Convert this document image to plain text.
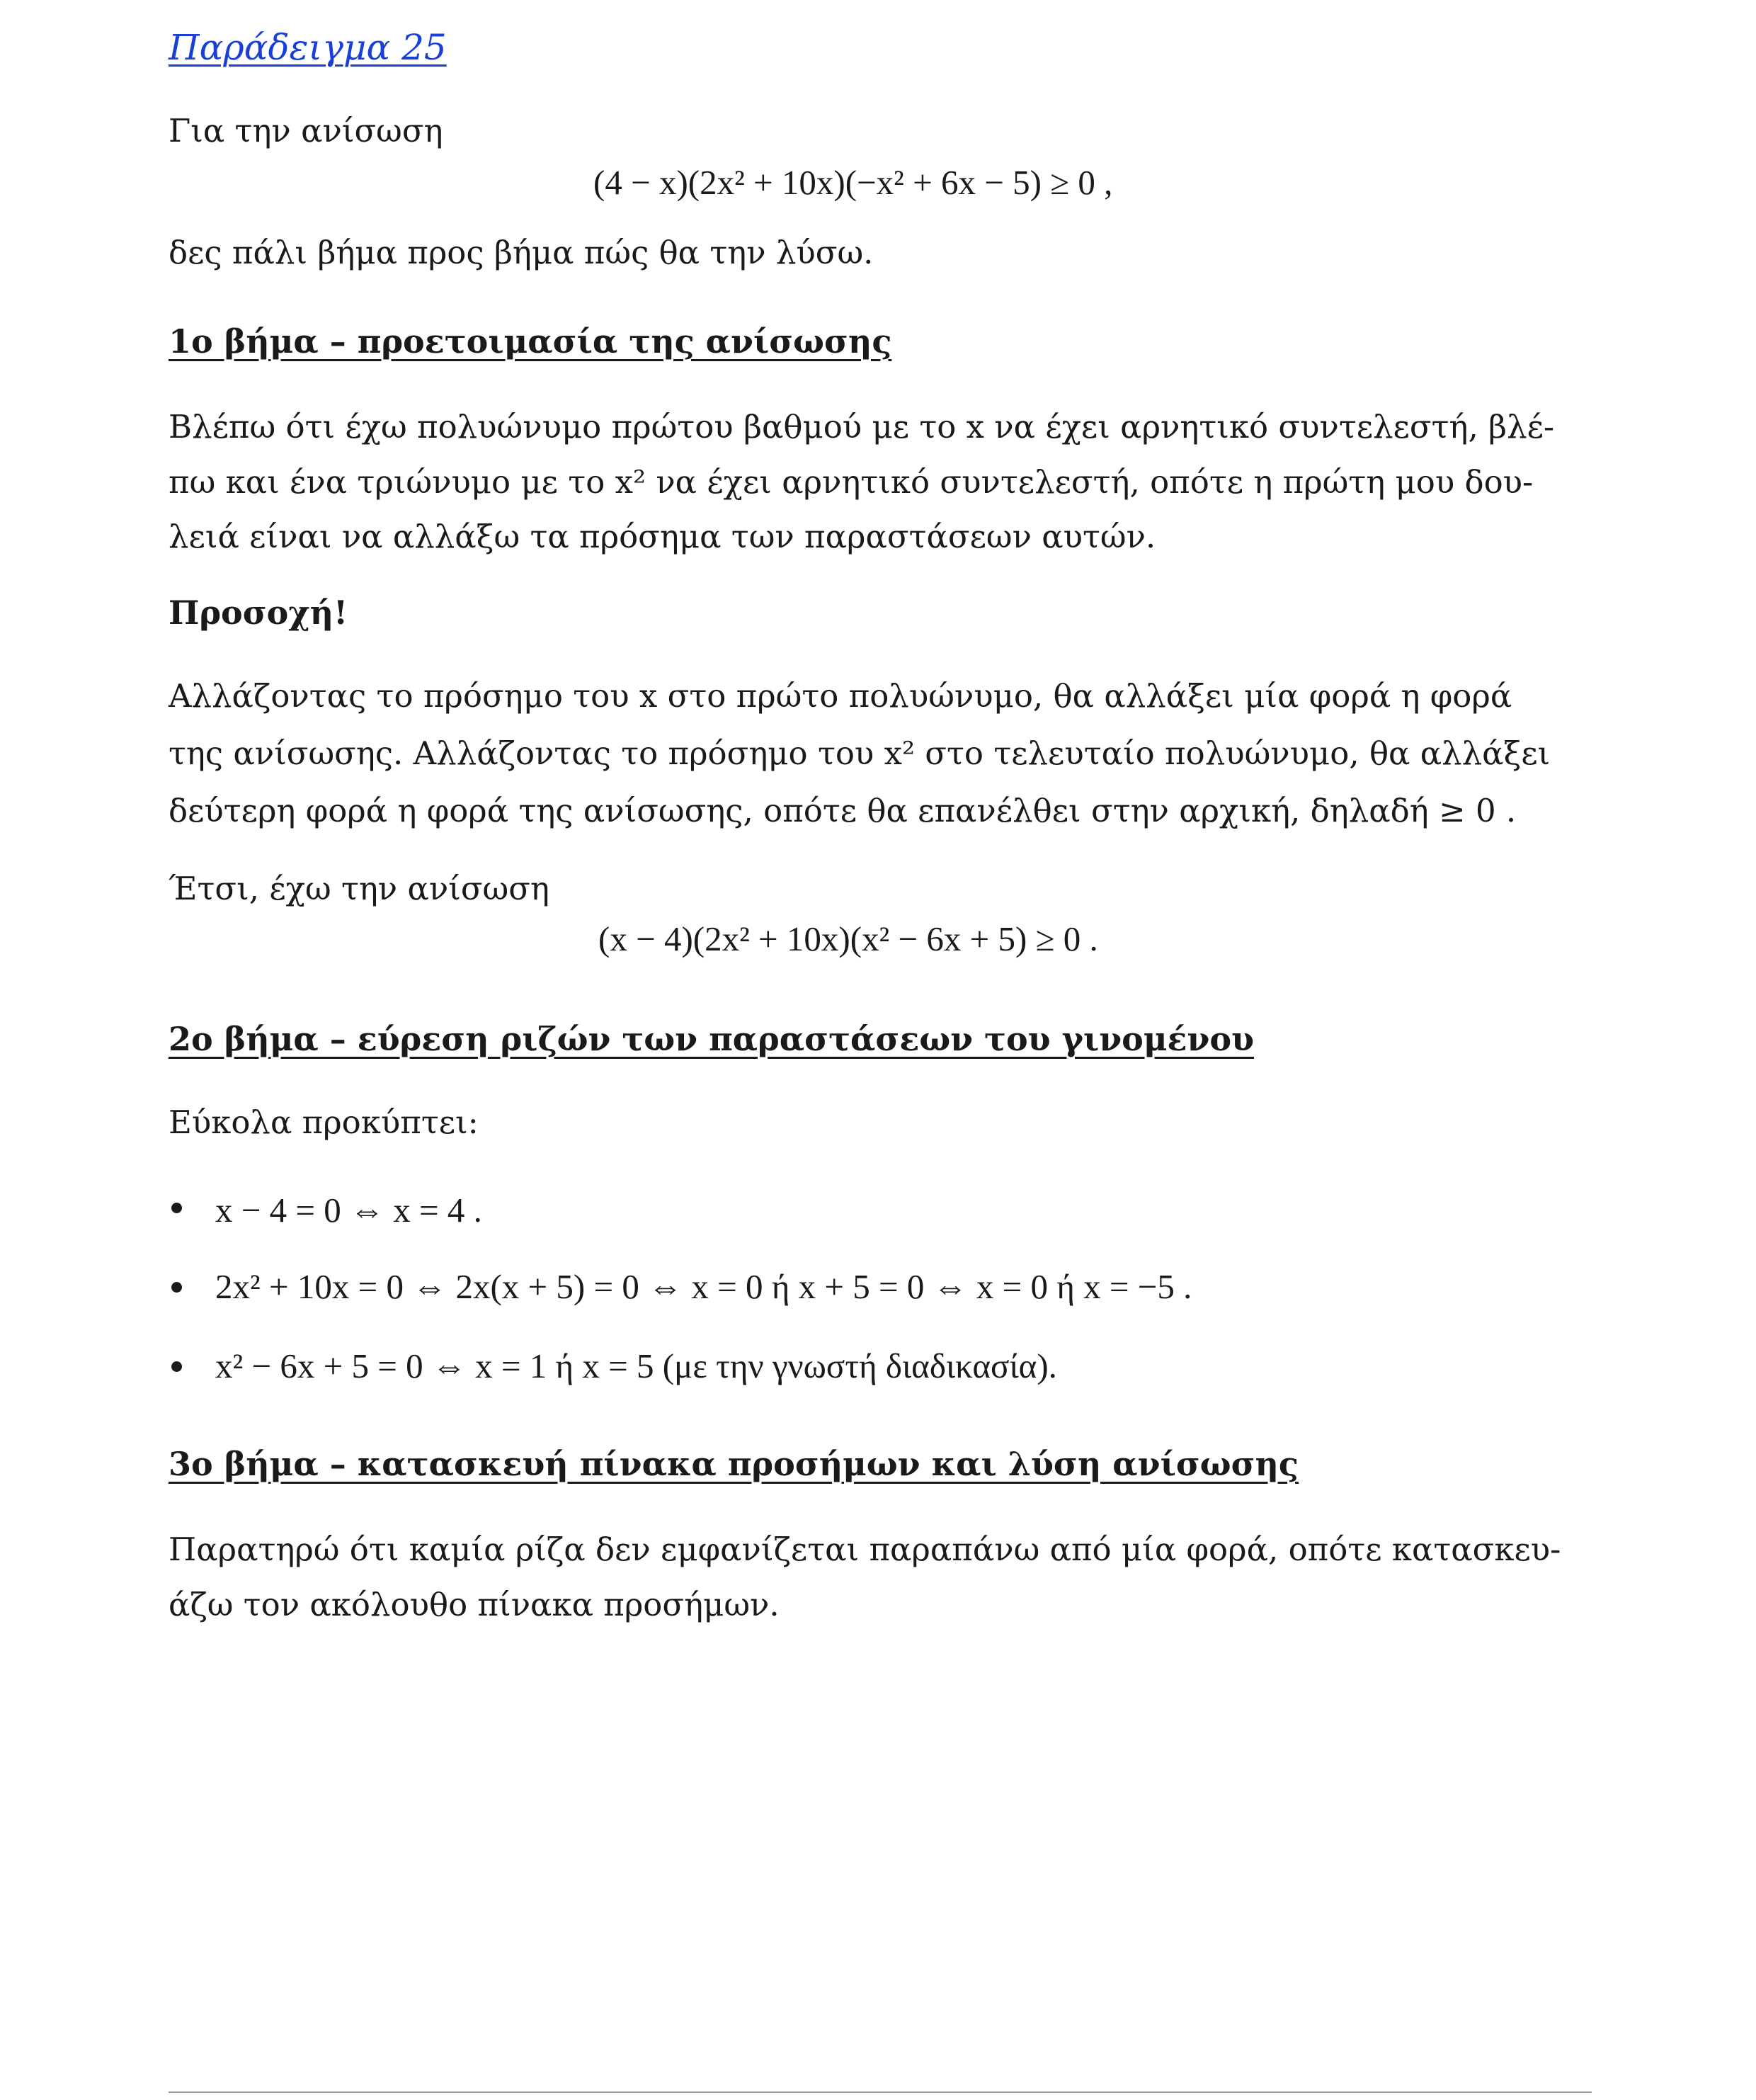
Παράδειγμα 25
Για την ανίσωση
(4 − x)(2x² + 10x)(−x² + 6x − 5) ≥ 0 ,
δες πάλι βήμα προς βήμα πώς θα την λύσω.
1ο βήμα – προετοιμασία της ανίσωσης
Βλέπω ότι έχω πολυώνυμο πρώτου βαθμού με το x να έχει αρνητικό συντελεστή, βλέ-
πω και ένα τριώνυμο με το x² να έχει αρνητικό συντελεστή, οπότε η πρώτη μου δου-
λειά είναι να αλλάξω τα πρόσημα των παραστάσεων αυτών.
Προσοχή!
Αλλάζοντας το πρόσημο του x στο πρώτο πολυώνυμο, θα αλλάξει μία φορά η φορά
της ανίσωσης. Αλλάζοντας το πρόσημο του x² στο τελευταίο πολυώνυμο, θα αλλάξει
δεύτερη φορά η φορά της ανίσωσης, οπότε θα επανέλθει στην αρχική, δηλαδή ≥ 0 .
Έτσι, έχω την ανίσωση
(x − 4)(2x² + 10x)(x² − 6x + 5) ≥ 0 .
2ο βήμα – εύρεση ριζών των παραστάσεων του γινομένου
Εύκολα προκύπτει:
x − 4 = 0 ⇔ x = 4 .
2x² + 10x = 0 ⇔ 2x(x + 5) = 0 ⇔ x = 0 ή x + 5 = 0 ⇔ x = 0 ή x = −5 .
x² − 6x + 5 = 0 ⇔ x = 1 ή x = 5 (με την γνωστή διαδικασία).
3ο βήμα – κατασκευή πίνακα προσήμων και λύση ανίσωσης
Παρατηρώ ότι καμία ρίζα δεν εμφανίζεται παραπάνω από μία φορά, οπότε κατασκευ-
άζω τον ακόλουθο πίνακα προσήμων.
